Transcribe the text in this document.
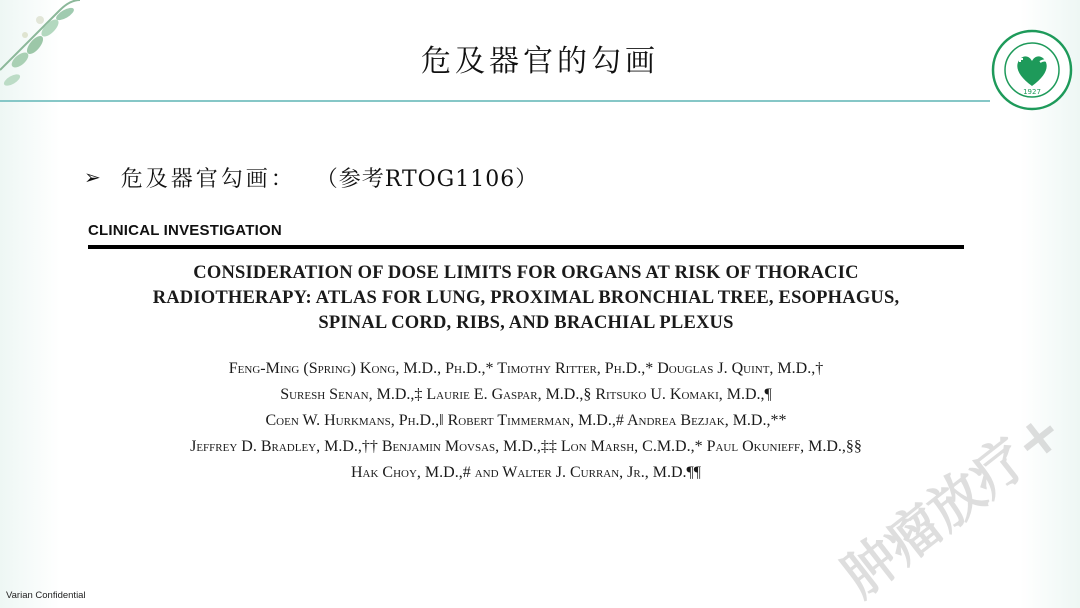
危及器官的勾画
1927
➢ 危及器官勾画： （参考RTOG1106）
CLINICAL INVESTIGATION
CONSIDERATION OF DOSE LIMITS FOR ORGANS AT RISK OF THORACIC
RADIOTHERAPY: ATLAS FOR LUNG, PROXIMAL BRONCHIAL TREE, ESOPHAGUS,
SPINAL CORD, RIBS, AND BRACHIAL PLEXUS
Feng-Ming (Spring) Kong, M.D., Ph.D.,* Timothy Ritter, Ph.D.,* Douglas J. Quint, M.D.,†
Suresh Senan, M.D.,‡ Laurie E. Gaspar, M.D.,§ Ritsuko U. Komaki, M.D.,¶
Coen W. Hurkmans, Ph.D.,‖ Robert Timmerman, M.D.,# Andrea Bezjak, M.D.,**
Jeffrey D. Bradley, M.D.,†† Benjamin Movsas, M.D.,‡‡ Lon Marsh, C.M.D.,* Paul Okunieff, M.D.,§§
Hak Choy, M.D.,# and Walter J. Curran, Jr., M.D.¶¶	肿瘤放疗+
Varian Confidential
